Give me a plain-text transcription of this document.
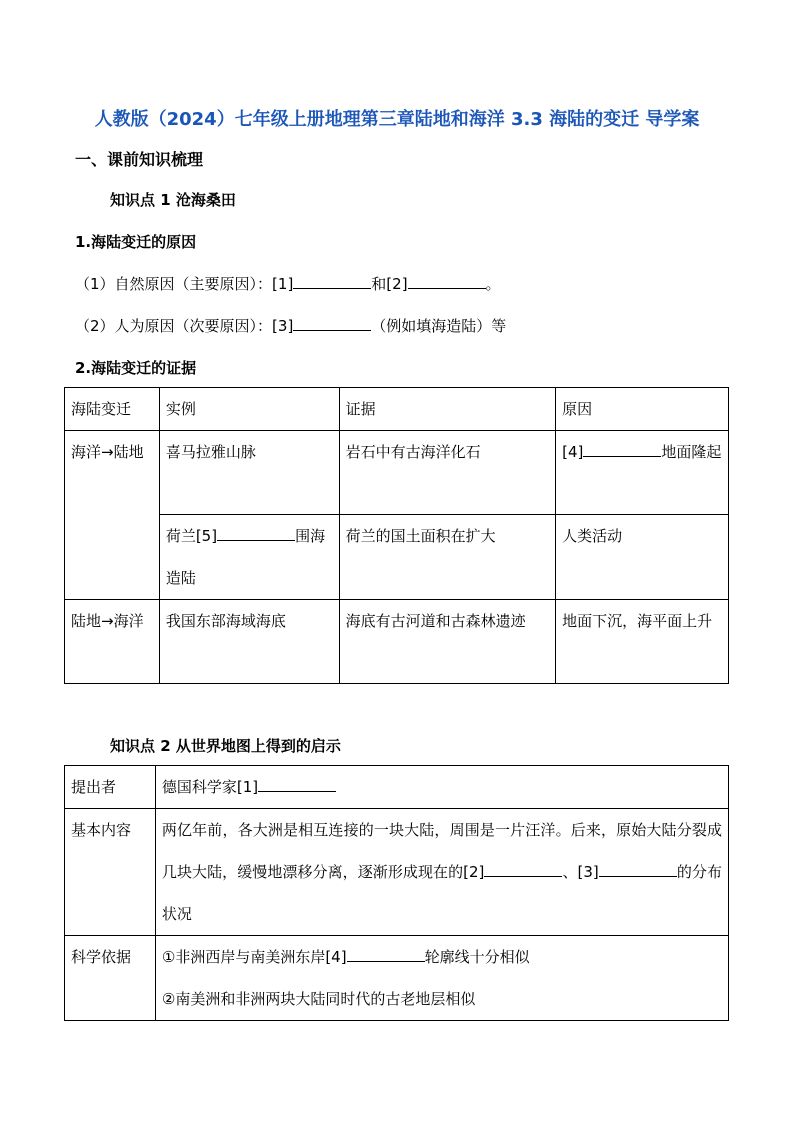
人教版（2024）七年级上册地理第三章陆地和海洋 3.3 海陆的变迁 导学案
一、课前知识梳理
知识点 1 沧海桑田
1.海陆变迁的原因
（1）自然原因（主要原因）：[1]	和[2]	。
（2）人为原因（次要原因）：[3]	（例如填海造陆）等
2.海陆变迁的证据
海陆变迁	实例	证据	原因
海洋→陆地	喜马拉雅山脉	岩石中有古海洋化石	[4] 地面隆起
	荷兰[5] 围海造陆	荷兰的国土面积在扩大	人类活动
陆地→海洋	我国东部海域海底	海底有古河道和古森林遗迹	地面下沉，海平面上升
知识点 2 从世界地图上得到的启示
提出者	德国科学家[1]
基本内容	两亿年前，各大洲是相互连接的一块大陆，周围是一片汪洋。后来，原始大陆分裂成几块大陆，缓慢地漂移分离，逐渐形成现在的[2] 、[3] 的分布状况
科学依据	①非洲西岸与南美洲东岸[4] 轮廓线十分相似
②南美洲和非洲两块大陆同时代的古老地层相似
